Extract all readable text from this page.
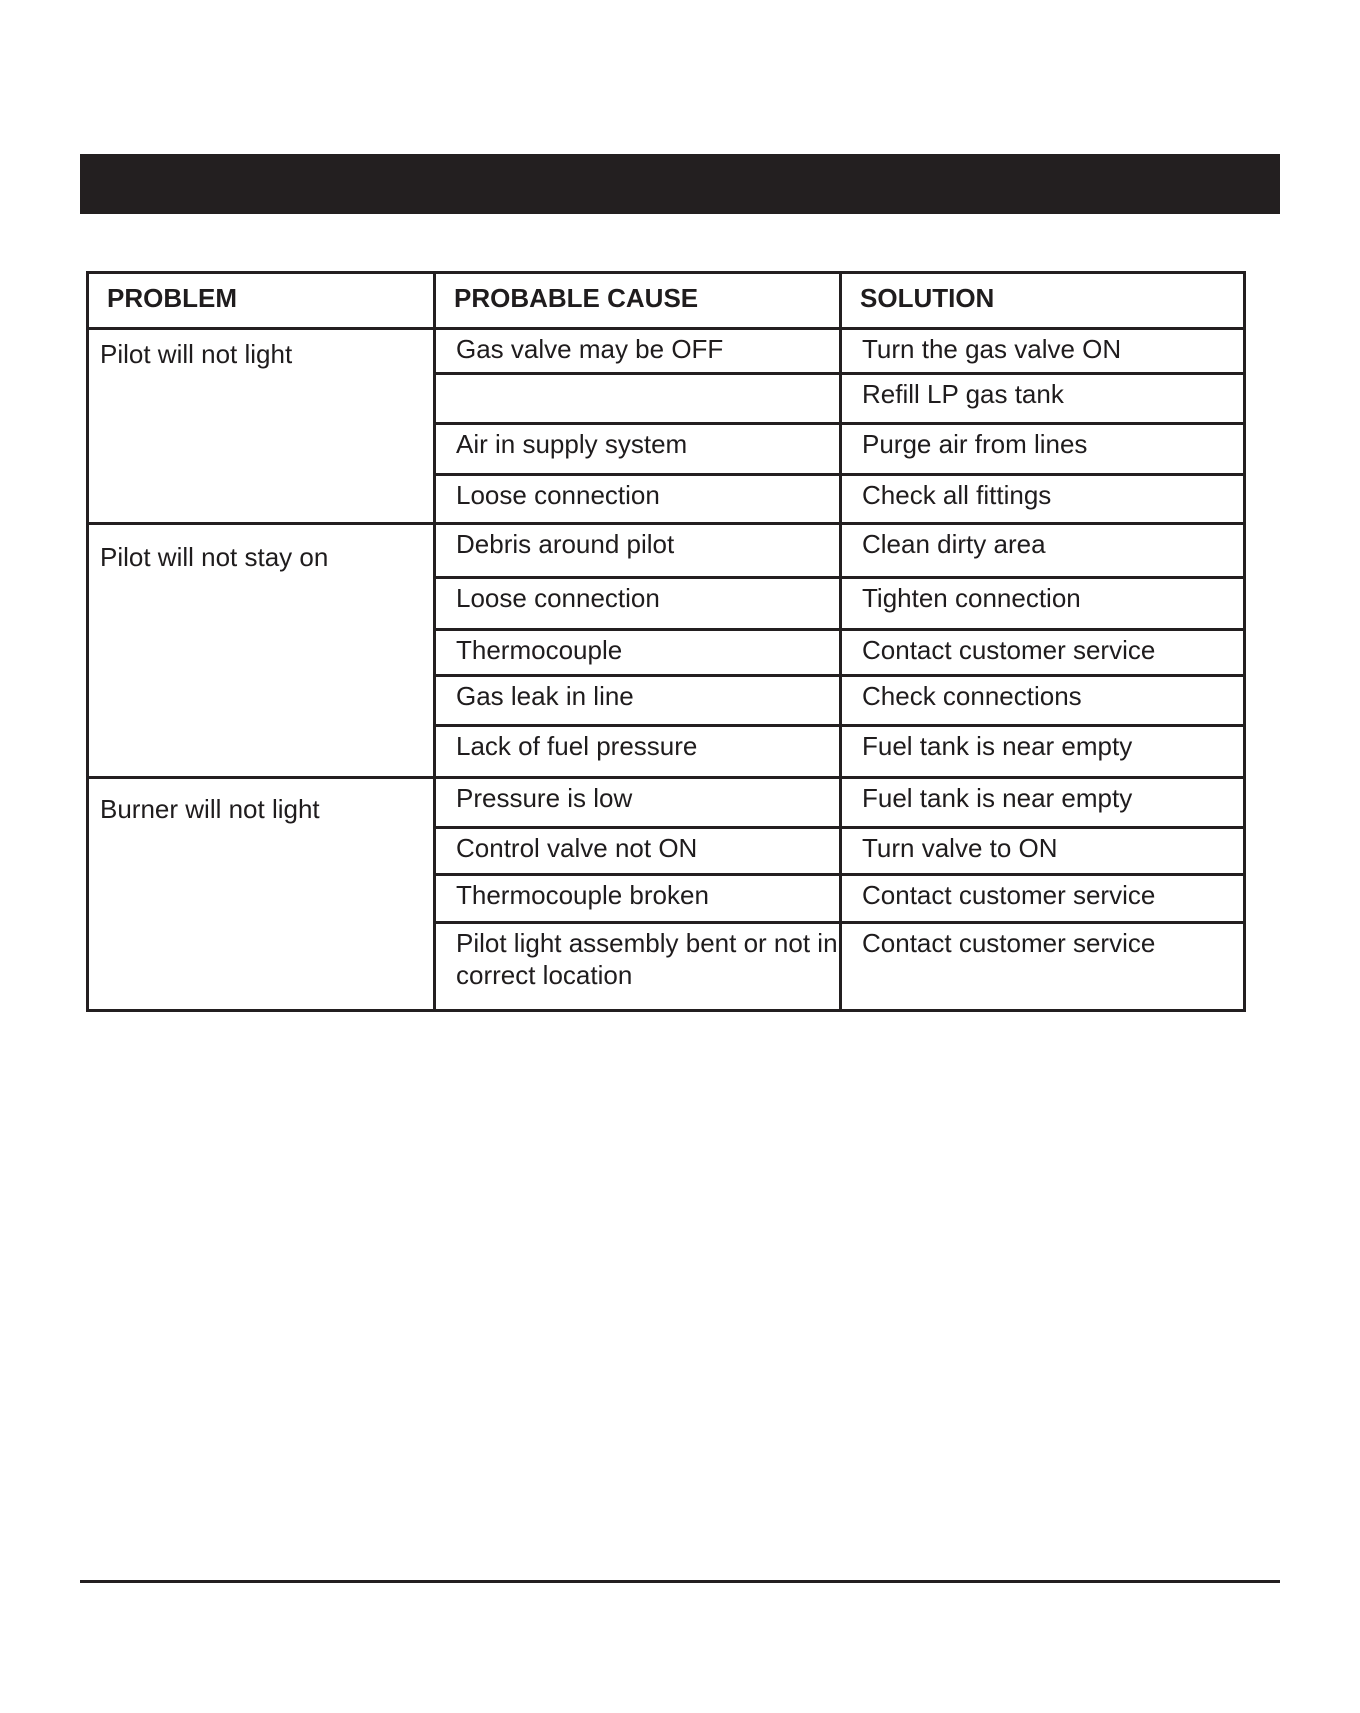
PROBLEM	PROBABLE CAUSE	SOLUTION
Pilot will not light	Gas valve may be OFF	Turn the gas valve ON
		Refill LP gas tank
	Air in supply system	Purge air from lines
	Loose connection	Check all fittings
Pilot will not stay on	Debris around pilot	Clean dirty area
	Loose connection	Tighten connection
	Thermocouple	Contact customer service
	Gas leak in line	Check connections
	Lack of fuel pressure	Fuel tank is near empty
Burner will not light	Pressure is low	Fuel tank is near empty
	Control valve not ON	Turn valve to ON
	Thermocouple broken	Contact customer service
	Pilot light assembly bent or not in correct location	Contact customer service
